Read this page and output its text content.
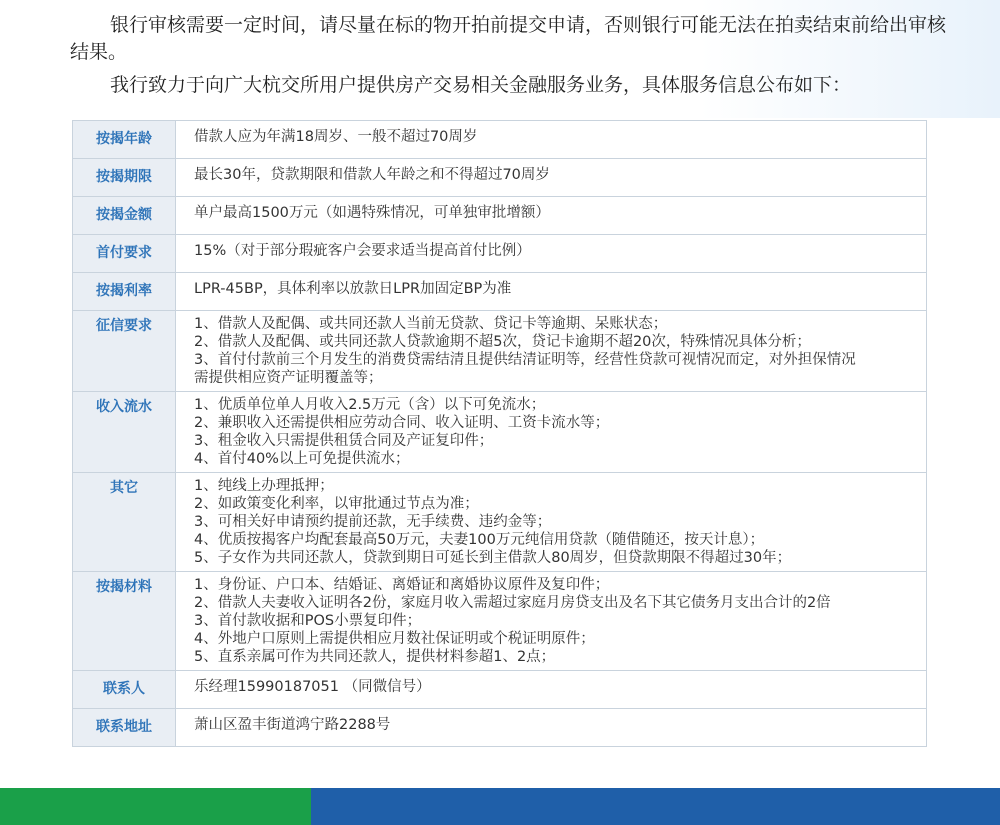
银行审核需要一定时间，请尽量在标的物开拍前提交申请，否则银行可能无法在拍卖结束前给出审核结果。

我行致力于向广大杭交所用户提供房产交易相关金融服务业务，具体服务信息公布如下：

按揭年龄	借款人应为年满18周岁、一般不超过70周岁

按揭期限	最长30年，贷款期限和借款人年龄之和不得超过70周岁

按揭金额	单户最高1500万元（如遇特殊情况，可单独审批增额）

首付要求	15%（对于部分瑕疵客户会要求适当提高首付比例）

按揭利率	LPR-45BP，具体利率以放款日LPR加固定BP为准

征信要求	1、借款人及配偶、或共同还款人当前无贷款、贷记卡等逾期、呆账状态；
2、借款人及配偶、或共同还款人贷款逾期不超5次，贷记卡逾期不超20次，特殊情况具体分析；
3、首付付款前三个月发生的消费贷需结清且提供结清证明等，经营性贷款可视情况而定，对外担保情况
需提供相应资产证明覆盖等；

收入流水	1、优质单位单人月收入2.5万元（含）以下可免流水；
2、兼职收入还需提供相应劳动合同、收入证明、工资卡流水等；
3、租金收入只需提供租赁合同及产证复印件；
4、首付40%以上可免提供流水；

其它	1、纯线上办理抵押；
2、如政策变化利率，以审批通过节点为准；
3、可相关好申请预约提前还款，无手续费、违约金等；
4、优质按揭客户均配套最高50万元，夫妻100万元纯信用贷款（随借随还，按天计息）；
5、子女作为共同还款人，贷款到期日可延长到主借款人80周岁，但贷款期限不得超过30年；

按揭材料	1、身份证、户口本、结婚证、离婚证和离婚协议原件及复印件；
2、借款人夫妻收入证明各2份，家庭月收入需超过家庭月房贷支出及名下其它债务月支出合计的2倍
3、首付款收据和POS小票复印件；
4、外地户口原则上需提供相应月数社保证明或个税证明原件；
5、直系亲属可作为共同还款人，提供材料参超1、2点；

联系人	乐经理15990187051 （同微信号）

联系地址	萧山区盈丰街道鸿宁路2288号
